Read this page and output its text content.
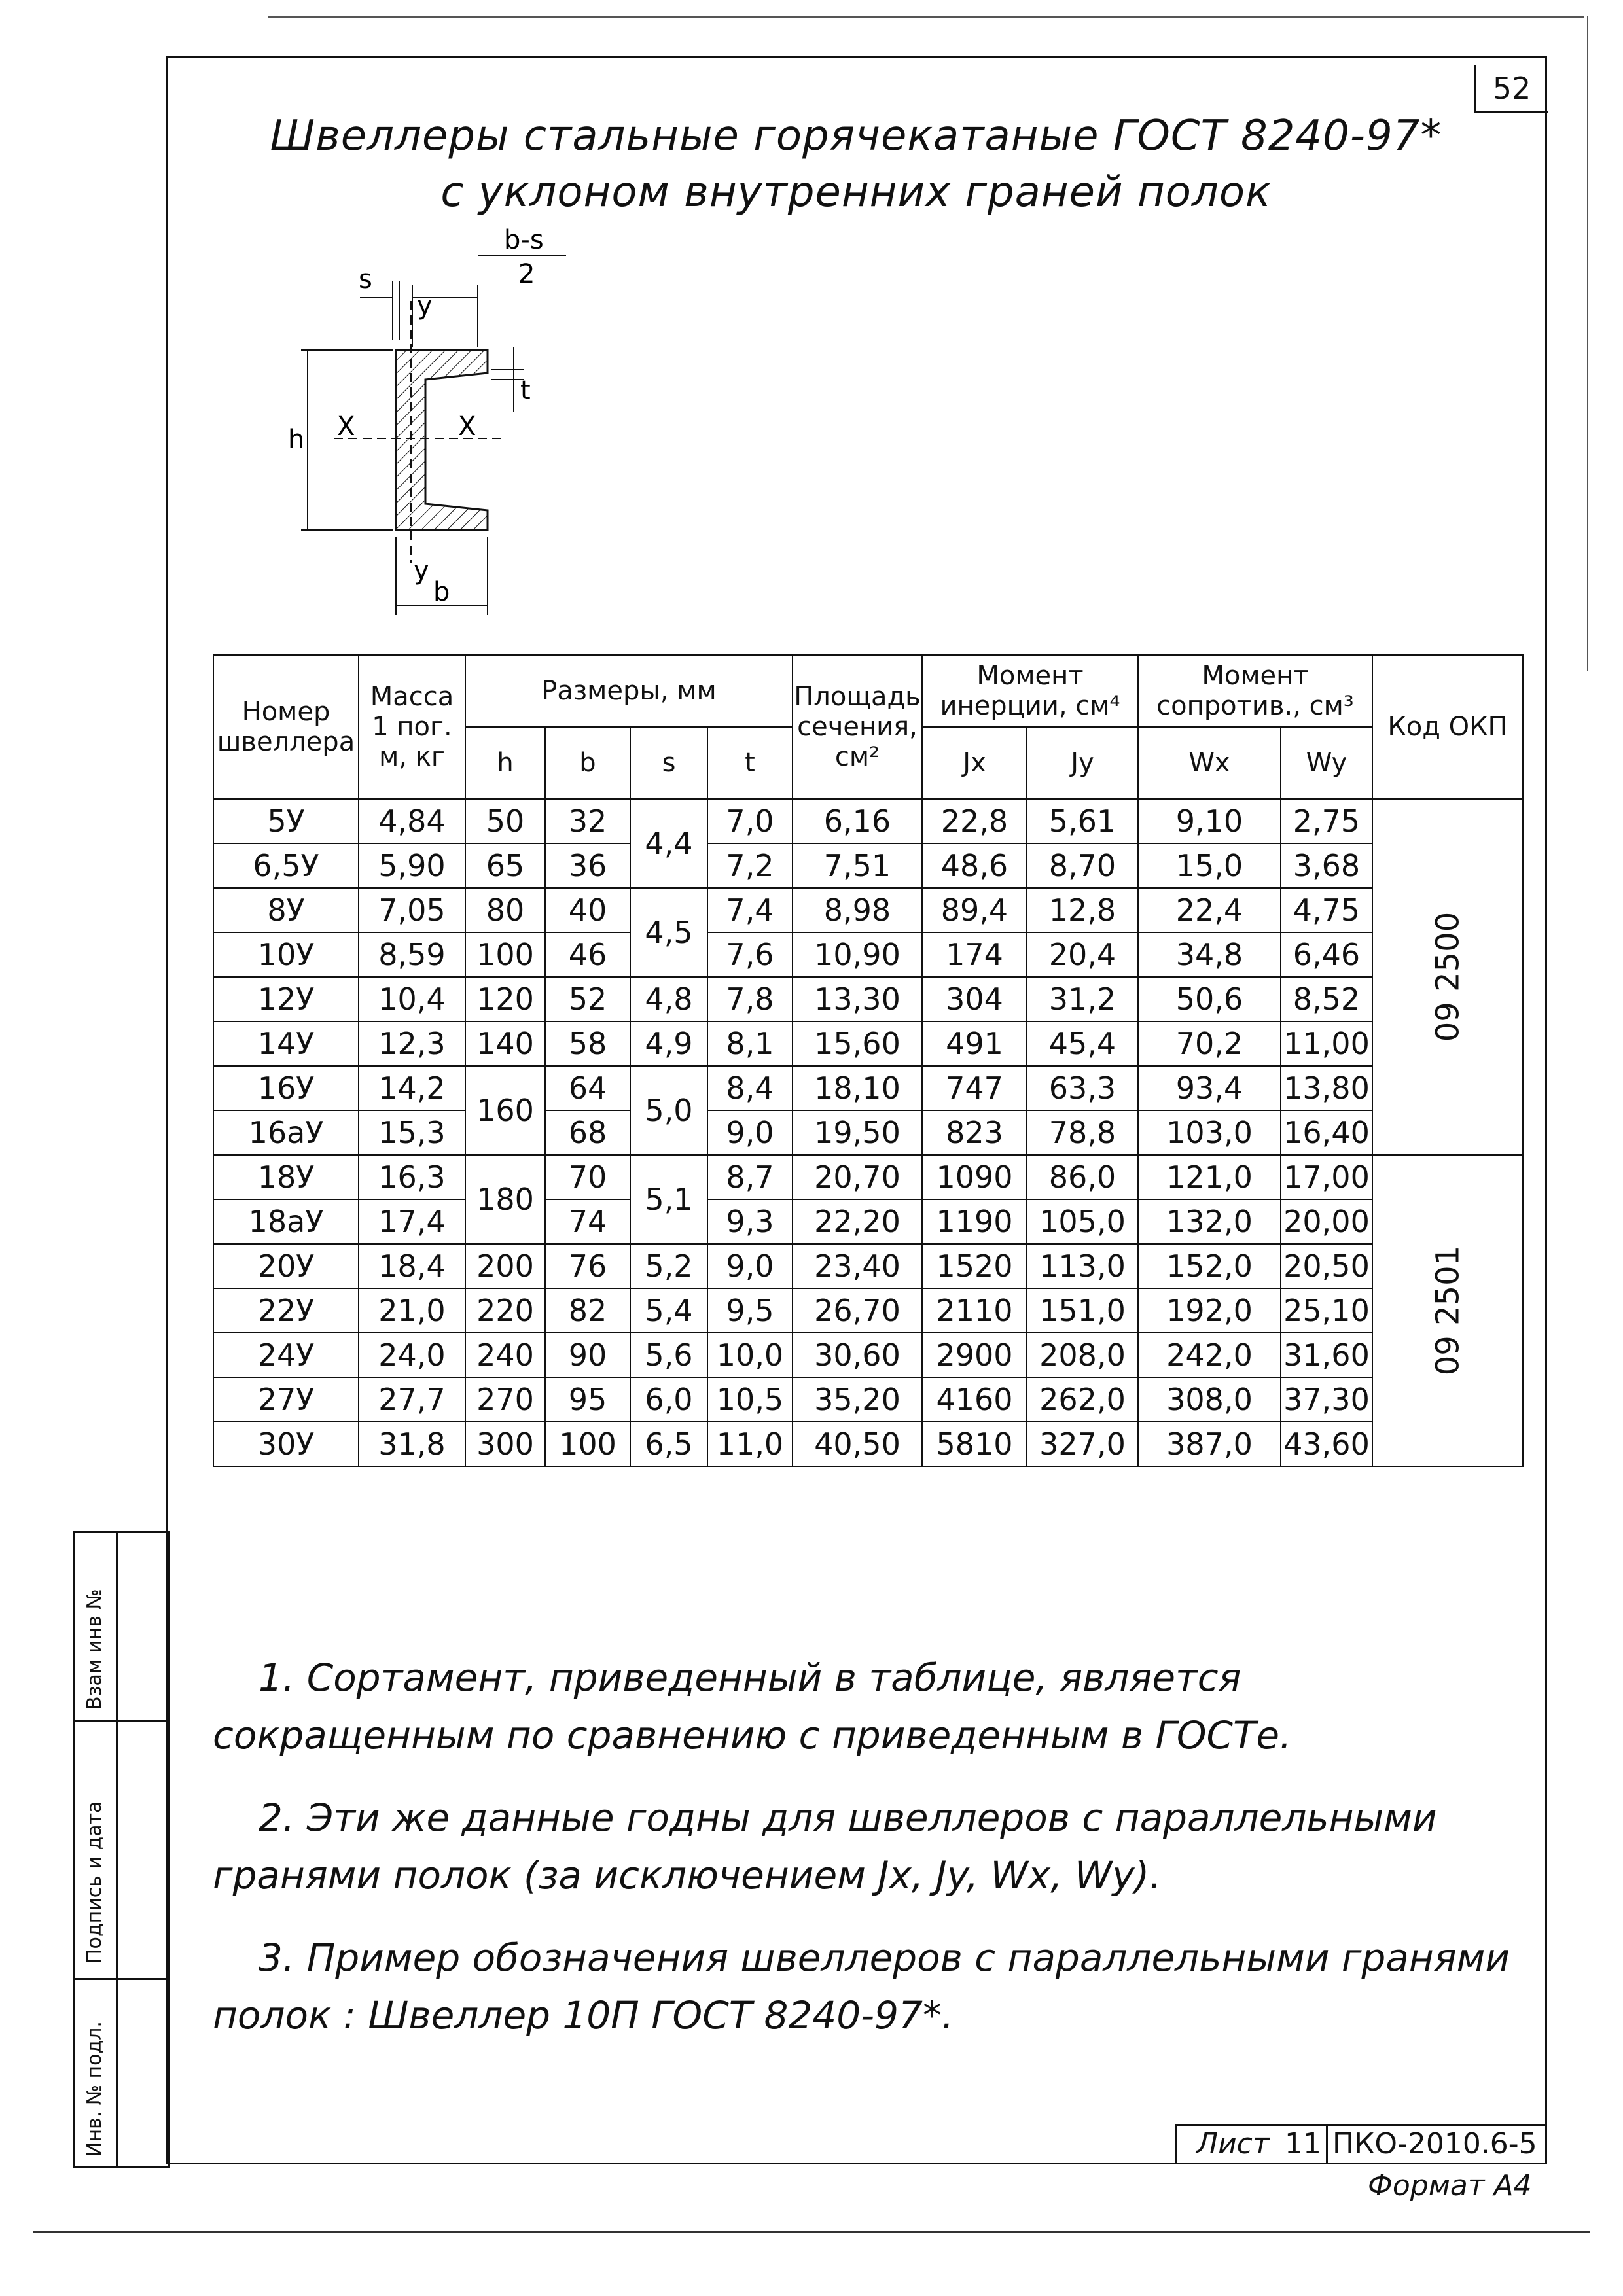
52
Швеллеры стальные горячекатаные ГОСТ 8240-97*
с уклоном внутренних граней полок
s
y
b-s
2
h X	X
t
y
b
Номер швеллера	Масса 1 пог. м, кг	Размеры, мм				Площадь сечения, см²	Момент инерции, см⁴		Момент сопротив., см³		Код ОКП
		h	b	s	t		Jx	Jy	Wx	Wy	
5У	4,84	50	32	4,4	7,0	6,16	22,8	5,61	9,10	2,75	09 2500
6,5У	5,90	65	36		7,2	7,51	48,6	8,70	15,0	3,68	
8У	7,05	80	40	4,5	7,4	8,98	89,4	12,8	22,4	4,75	
10У	8,59	100	46		7,6	10,90	174	20,4	34,8	6,46	
12У	10,4	120	52	4,8	7,8	13,30	304	31,2	50,6	8,52	
14У	12,3	140	58	4,9	8,1	15,60	491	45,4	70,2	11,00	
16У	14,2	160	64	5,0	8,4	18,10	747	63,3	93,4	13,80	
16аУ	15,3		68		9,0	19,50	823	78,8	103,0	16,40	
18У	16,3	180	70	5,1	8,7	20,70	1090	86,0	121,0	17,00	09 2501
18аУ	17,4		74		9,3	22,20	1190	105,0	132,0	20,00	
20У	18,4	200	76	5,2	9,0	23,40	1520	113,0	152,0	20,50	
22У	21,0	220	82	5,4	9,5	26,70	2110	151,0	192,0	25,10	
24У	24,0	240	90	5,6	10,0	30,60	2900	208,0	242,0	31,60	
27У	27,7	270	95	6,0	10,5	35,20	4160	262,0	308,0	37,30	
30У	31,8	300	100	6,5	11,0	40,50	5810	327,0	387,0	43,60	

1. Сортамент, приведенный в таблице, является сокращенным по сравнению с приведенным в ГОСТе.

2. Эти же данные годны для швеллеров с параллельными гранями полок (за исключением Jx, Jy, Wx, Wy).

3. Пример обозначения швеллеров с параллельными гранями полок : Швеллер 10П ГОСТ 8240-97*.

Взам инв №
Подпись и дата
Инв. № подл.	Лист 11 ПКО-2010.6-5
Формат А4
